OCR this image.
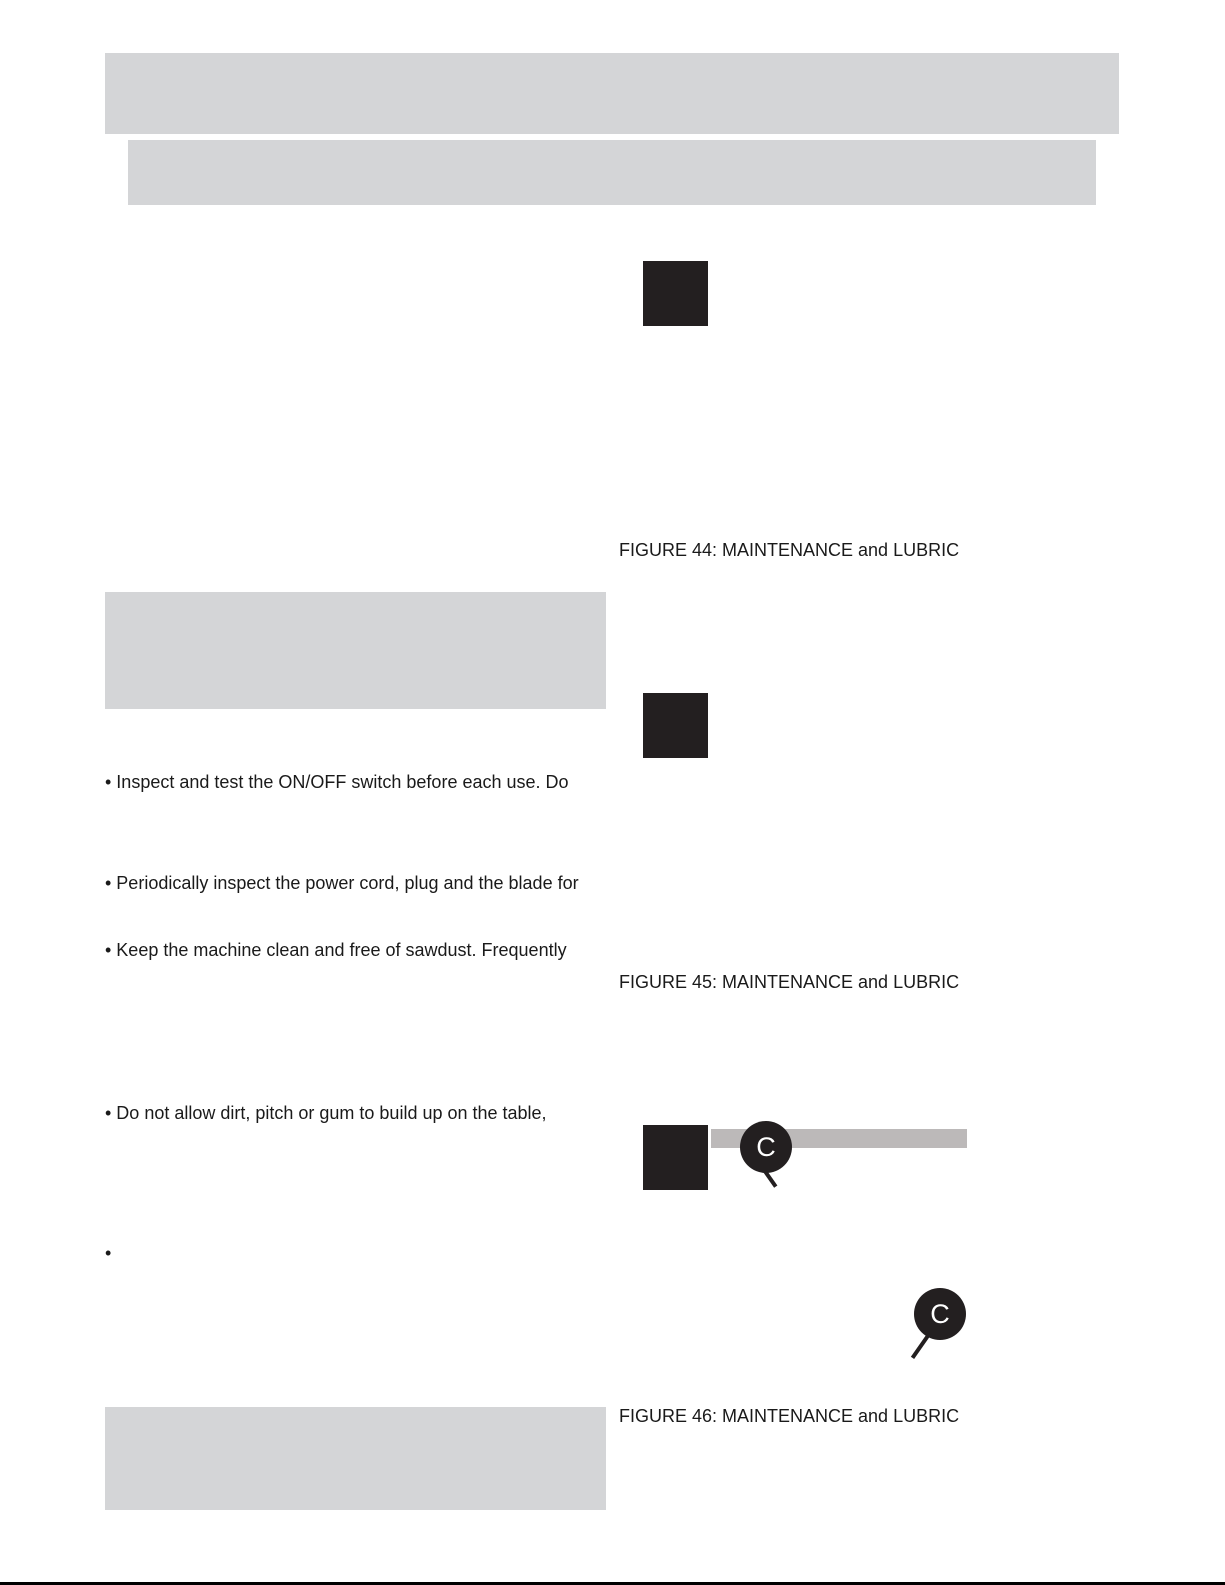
FIGURE 44: MAINTENANCE and LUBRIC
FIGURE 45: MAINTENANCE and LUBRIC
• Inspect and test the ON/OFF switch before each use. Do
• Periodically inspect the power cord, plug and the blade for
• Keep the machine clean and free of sawdust. Frequently
• Do not allow dirt, pitch or gum to build up on the table,
•
C
C
FIGURE 46: MAINTENANCE and LUBRIC
